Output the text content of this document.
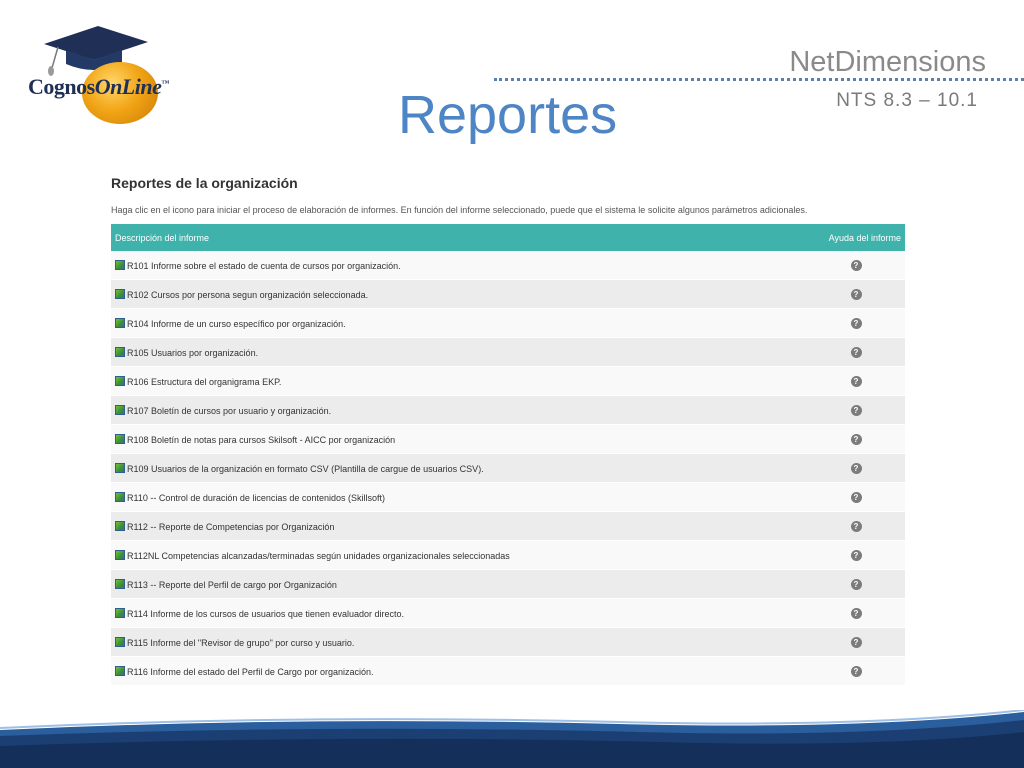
CognosOnLine™
NetDimensions
NTS 8.3 – 10.1
Reportes
Reportes de la organización
Haga clic en el icono para iniciar el proceso de elaboración de informes. En función del informe seleccionado, puede que el sistema le solicite algunos parámetros adicionales.
Descripción del informe	Ayuda del informe
R101 Informe sobre el estado de cuenta de cursos por organización.	?
R102 Cursos por persona segun organización seleccionada.	?
R104 Informe de un curso específico por organización.	?
R105 Usuarios por organización.	?
R106 Estructura del organigrama EKP.	?
R107 Boletín de cursos por usuario y organización.	?
R108 Boletín de notas para cursos Skilsoft - AICC por organización	?
R109 Usuarios de la organización en formato CSV (Plantilla de cargue de usuarios CSV).	?
R110 -- Control de duración de licencias de contenidos (Skillsoft)	?
R112 -- Reporte de Competencias por Organización	?
R112NL Competencias alcanzadas/terminadas según unidades organizacionales seleccionadas	?
R113 -- Reporte del Perfil de cargo por Organización	?
R114 Informe de los cursos de usuarios que tienen evaluador directo.	?
R115 Informe del "Revisor de grupo" por curso y usuario.	?
R116 Informe del estado del Perfil de Cargo por organización.	?
